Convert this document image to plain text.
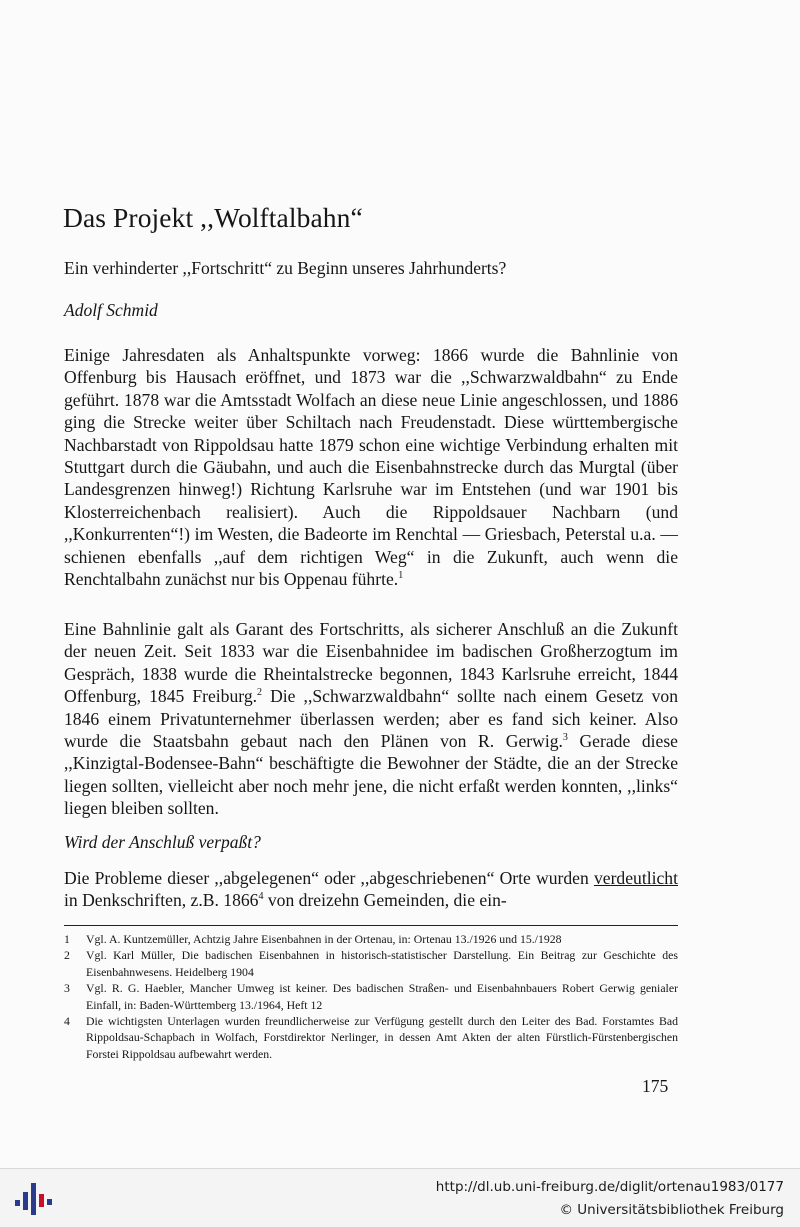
Das Projekt ,,Wolftalbahn“

Ein verhinderter ,,Fortschritt“ zu Beginn unseres Jahrhunderts?

Adolf Schmid

Einige Jahresdaten als Anhaltspunkte vorweg: 1866 wurde die Bahnlinie von Offenburg bis Hausach eröffnet, und 1873 war die ,,Schwarzwaldbahn“ zu Ende geführt. 1878 war die Amtsstadt Wolfach an diese neue Linie angeschlossen, und 1886 ging die Strecke weiter über Schiltach nach Freudenstadt. Diese württembergische Nachbarstadt von Rippoldsau hatte 1879 schon eine wichtige Verbindung erhalten mit Stuttgart durch die Gäubahn, und auch die Eisenbahnstrecke durch das Murgtal (über Landesgrenzen hinweg!) Richtung Karlsruhe war im Entstehen (und war 1901 bis Klosterreichenbach realisiert). Auch die Rippoldsauer Nachbarn (und ,,Konkurrenten“!) im Westen, die Badeorte im Renchtal — Griesbach, Peterstal u.a. — schienen ebenfalls ,,auf dem richtigen Weg“ in die Zukunft, auch wenn die Renchtalbahn zunächst nur bis Oppenau führte.$^1$

Eine Bahnlinie galt als Garant des Fortschritts, als sicherer Anschluß an die Zukunft der neuen Zeit. Seit 1833 war die Eisenbahnidee im badischen Großherzogtum im Gespräch, 1838 wurde die Rheintalstrecke begonnen, 1843 Karlsruhe erreicht, 1844 Offenburg, 1845 Freiburg.$^2$ Die ,,Schwarzwaldbahn“ sollte nach einem Gesetz von 1846 einem Privatunternehmer überlassen werden; aber es fand sich keiner. Also wurde die Staatsbahn gebaut nach den Plänen von R. Gerwig.$^3$ Gerade diese ,,Kinzigtal-Bodensee-Bahn“ beschäftigte die Bewohner der Städte, die an der Strecke liegen sollten, vielleicht aber noch mehr jene, die nicht erfaßt werden konnten, ,,links“ liegen bleiben sollten.

Wird der Anschluß verpaßt?

Die Probleme dieser ,,abgelegenen“ oder ,,abgeschriebenen“ Orte wurden verdeutlicht in Denkschriften, z.B. 1866$^4$ von dreizehn Gemeinden, die ein-

1	Vgl. A. Kuntzemüller, Achtzig Jahre Eisenbahnen in der Ortenau, in: Ortenau 13./1926 und 15./1928
2	Vgl. Karl Müller, Die badischen Eisenbahnen in historisch-statistischer Darstellung. Ein Beitrag zur Geschichte des Eisenbahnwesens. Heidelberg 1904
3	Vgl. R. G. Haebler, Mancher Umweg ist keiner. Des badischen Straßen- und Eisenbahnbauers Robert Gerwig genialer Einfall, in: Baden-Württemberg 13./1964, Heft 12
4	Die wichtigsten Unterlagen wurden freundlicherweise zur Verfügung gestellt durch den Leiter des Bad. Forstamtes Bad Rippoldsau-Schapbach in Wolfach, Forstdirektor Nerlinger, in dessen Amt Akten der alten Fürstlich-Fürstenbergischen Forstei Rippoldsau aufbewahrt werden.

175

http://dl.ub.uni-freiburg.de/diglit/ortenau1983/0177
© Universitätsbibliothek Freiburg
